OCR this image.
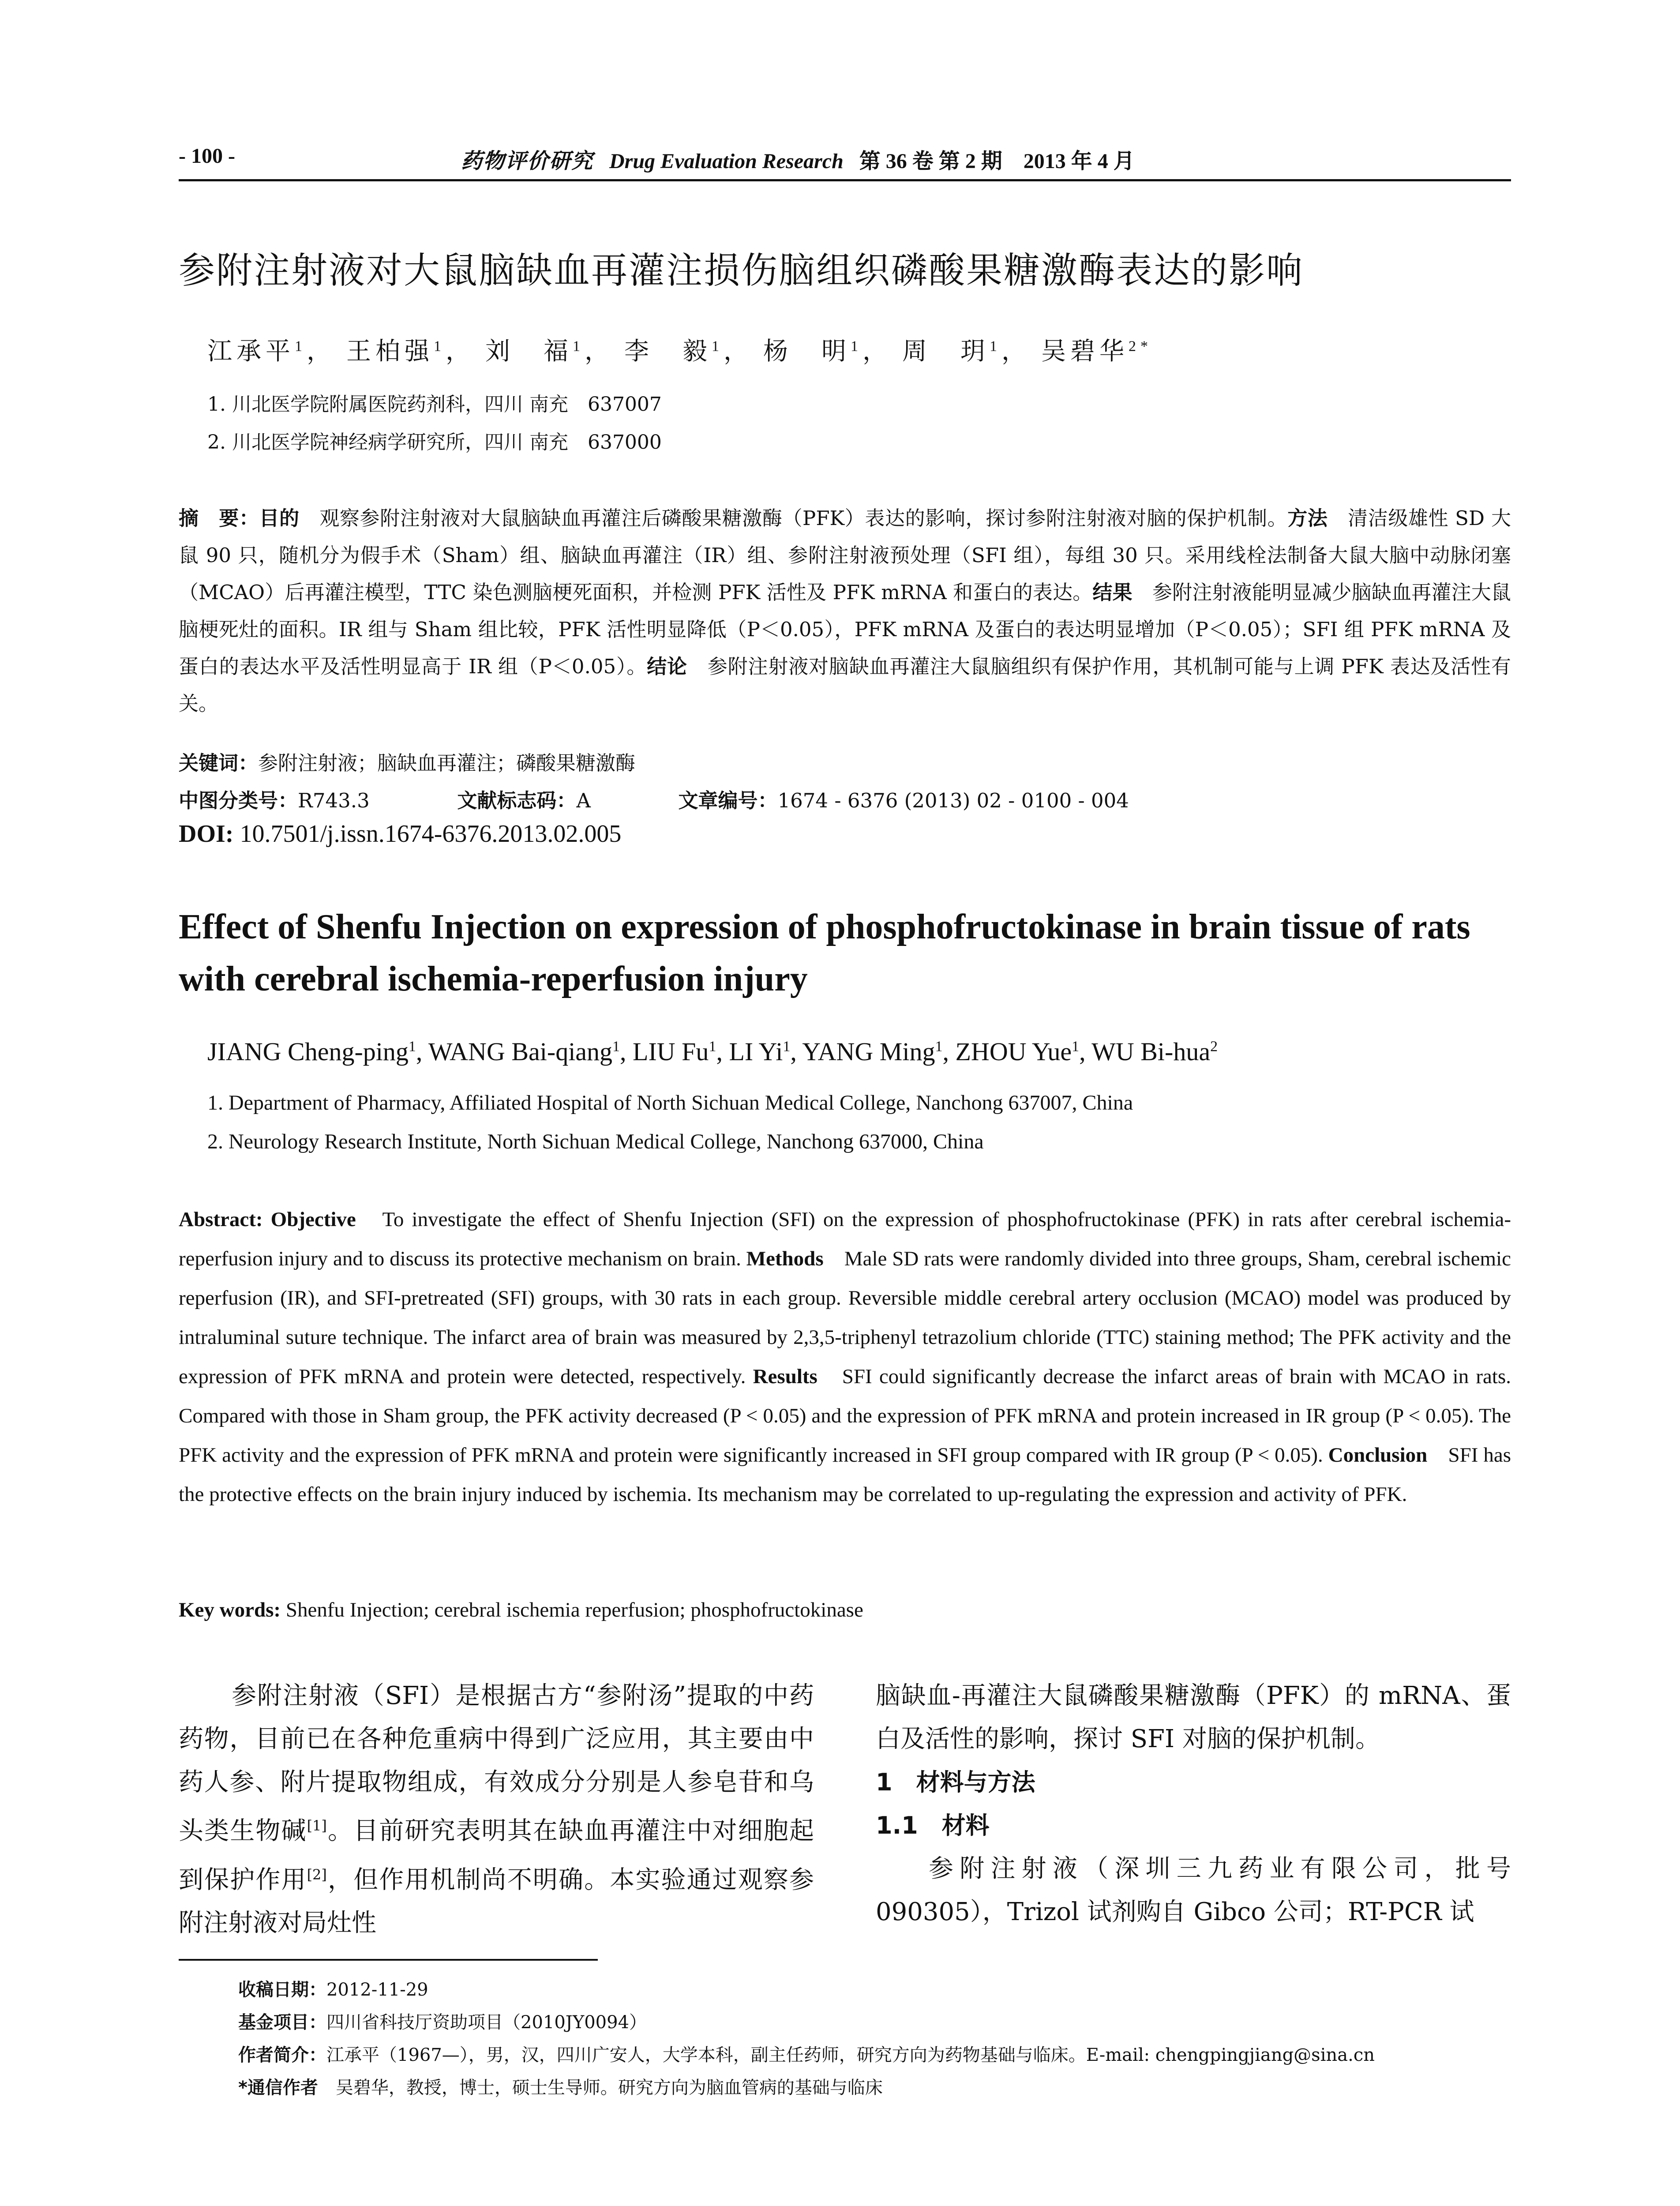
- 100 -	药物评价研究 Drug Evaluation Research 第 36 卷 第 2 期　2013 年 4 月
参附注射液对大鼠脑缺血再灌注损伤脑组织磷酸果糖激酶表达的影响
江承平$^1$， 王柏强$^1$， 刘　福$^1$， 李　毅$^1$， 杨　明$^1$， 周　玥$^1$， 吴碧华$^{2*}$
1. 川北医学院附属医院药剂科，四川 南充　637007
2. 川北医学院神经病学研究所，四川 南充　637000
摘　要：目的　观察参附注射液对大鼠脑缺血再灌注后磷酸果糖激酶（PFK）表达的影响，探讨参附注射液对脑的保护机制。方法　清洁级雄性 SD 大鼠 90 只，随机分为假手术（Sham）组、脑缺血再灌注（IR）组、参附注射液预处理（SFI 组），每组 30 只。采用线栓法制备大鼠大脑中动脉闭塞（MCAO）后再灌注模型，TTC 染色测脑梗死面积，并检测 PFK 活性及 PFK mRNA 和蛋白的表达。结果　参附注射液能明显减少脑缺血再灌注大鼠脑梗死灶的面积。IR 组与 Sham 组比较，PFK 活性明显降低（P＜0.05），PFK mRNA 及蛋白的表达明显增加（P＜0.05）；SFI 组 PFK mRNA 及蛋白的表达水平及活性明显高于 IR 组（P＜0.05）。结论　参附注射液对脑缺血再灌注大鼠脑组织有保护作用，其机制可能与上调 PFK 表达及活性有关。
关键词：参附注射液；脑缺血再灌注；磷酸果糖激酶
中图分类号：R743.3	文献标志码：A	文章编号：1674 - 6376 (2013) 02 - 0100 - 004
DOI: 10.7501/j.issn.1674-6376.2013.02.005
Effect of Shenfu Injection on expression of phosphofructokinase in brain tissue of rats with cerebral ischemia-reperfusion injury
JIANG Cheng-ping$^1$, WANG Bai-qiang$^1$, LIU Fu$^1$, LI Yi$^1$, YANG Ming$^1$, ZHOU Yue$^1$, WU Bi-hua$^2$
1. Department of Pharmacy, Affiliated Hospital of North Sichuan Medical College, Nanchong 637007, China
2. Neurology Research Institute, North Sichuan Medical College, Nanchong 637000, China
Abstract: Objective　To investigate the effect of Shenfu Injection (SFI) on the expression of phosphofructokinase (PFK) in rats after cerebral ischemia-reperfusion injury and to discuss its protective mechanism on brain. Methods　Male SD rats were randomly divided into three groups, Sham, cerebral ischemic reperfusion (IR), and SFI-pretreated (SFI) groups, with 30 rats in each group. Reversible middle cerebral artery occlusion (MCAO) model was produced by intraluminal suture technique. The infarct area of brain was measured by 2,3,5-triphenyl tetrazolium chloride (TTC) staining method; The PFK activity and the expression of PFK mRNA and protein were detected, respectively. Results　SFI could significantly decrease the infarct areas of brain with MCAO in rats. Compared with those in Sham group, the PFK activity decreased (P < 0.05) and the expression of PFK mRNA and protein increased in IR group (P < 0.05). The PFK activity and the expression of PFK mRNA and protein were significantly increased in SFI group compared with IR group (P < 0.05). Conclusion　SFI has the protective effects on the brain injury induced by ischemia. Its mechanism may be correlated to up-regulating the expression and activity of PFK.
Key words: Shenfu Injection; cerebral ischemia reperfusion; phosphofructokinase

参附注射液（SFI）是根据古方“参附汤”提取的中药药物，目前已在各种危重病中得到广泛应用，其主要由中药人参、附片提取物组成，有效成分分别是人参皂苷和乌头类生物碱[1]。目前研究表明其在缺血再灌注中对细胞起到保护作用[2]，但作用机制尚不明确。本实验通过观察参附注射液对局灶性

脑缺血-再灌注大鼠磷酸果糖激酶（PFK）的 mRNA、蛋白及活性的影响，探讨 SFI 对脑的保护机制。

1　材料与方法

1.1　材料

参附注射液（深圳三九药业有限公司，批号 090305），Trizol 试剂购自 Gibco 公司；RT-PCR 试

收稿日期：2012-11-29
基金项目：四川省科技厅资助项目（2010JY0094）
作者简介：江承平（1967—），男，汉，四川广安人，大学本科，副主任药师，研究方向为药物基础与临床。E-mail: chengpingjiang@sina.cn
*通信作者　吴碧华，教授，博士，硕士生导师。研究方向为脑血管病的基础与临床
